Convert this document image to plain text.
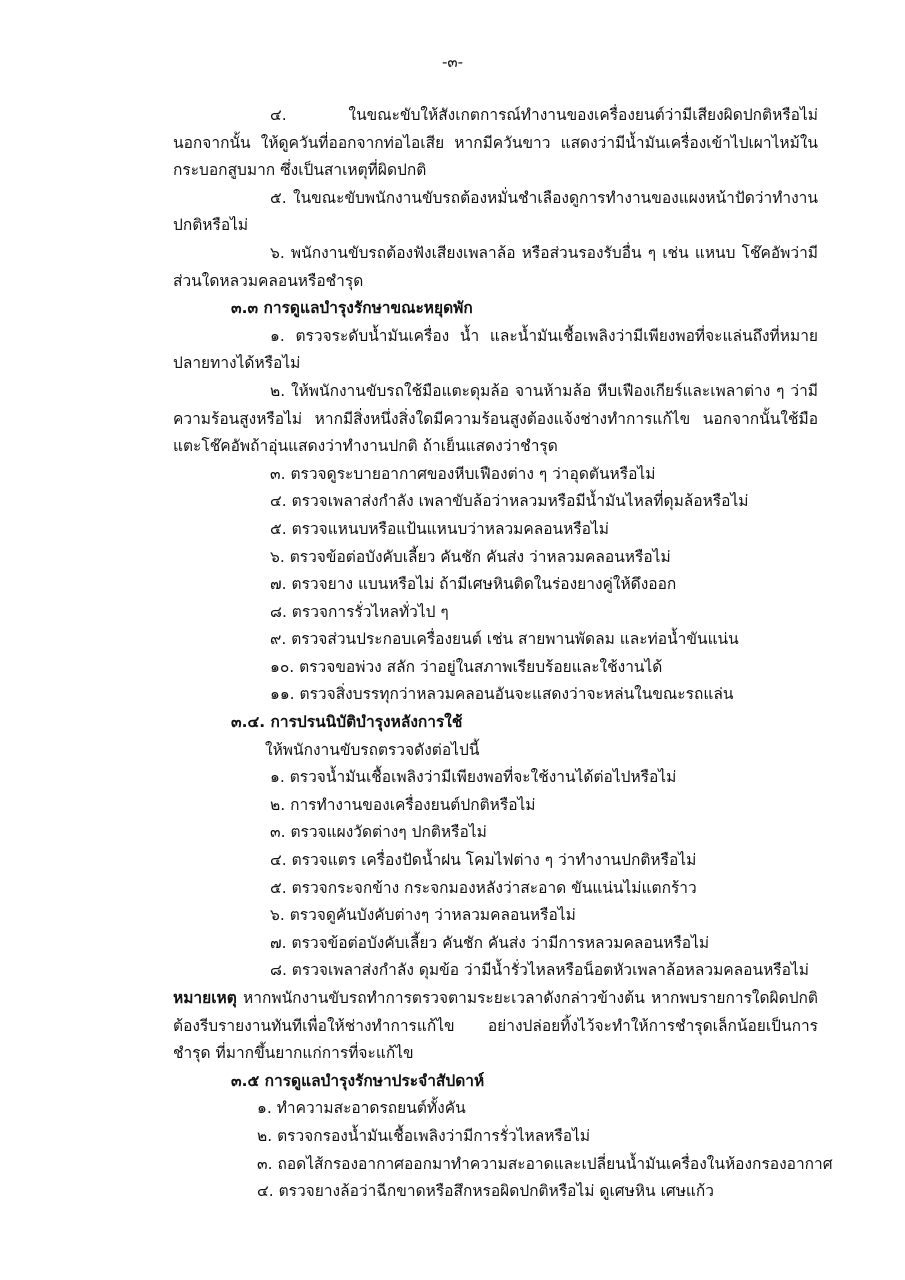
-๓-

๔. ในขณะขับให้สังเกตการณ์ทำงานของเครื่องยนต์ว่ามีเสียงผิดปกติหรือไม่ นอกจากนั้น ให้ดูควันที่ออกจากท่อไอเสีย หากมีควันขาว แสดงว่ามีน้ำมันเครื่องเข้าไปเผาไหม้ใน กระบอกสูบมาก ซึ่งเป็นสาเหตุที่ผิดปกติ

๕. ในขณะขับพนักงานขับรถต้องหมั่นชำเลืองดูการทำงานของแผงหน้าปัดว่าทำงาน ปกติหรือไม่

๖. พนักงานขับรถต้องฟังเสียงเพลาล้อ หรือส่วนรองรับอื่น ๆ เช่น แหนบ โช๊คอัพว่ามี ส่วนใดหลวมคลอนหรือชำรุด

๓.๓ การดูแลบำรุงรักษาขณะหยุดพัก

๑. ตรวจระดับน้ำมันเครื่อง น้ำ และน้ำมันเชื้อเพลิงว่ามีเพียงพอที่จะแล่นถึงที่หมาย ปลายทางได้หรือไม่

๒. ให้พนักงานขับรถใช้มือแตะดุมล้อ จานห้ามล้อ หีบเฟืองเกียร์และเพลาต่าง ๆ ว่ามี ความร้อนสูงหรือไม่ หากมีสิ่งหนึ่งสิ่งใดมีความร้อนสูงต้องแจ้งช่างทำการแก้ไข นอกจากนั้นใช้มือ แตะโช๊คอัพถ้าอุ่นแสดงว่าทำงานปกติ ถ้าเย็นแสดงว่าชำรุด

๓. ตรวจดูระบายอากาศของหีบเฟืองต่าง ๆ ว่าอุดตันหรือไม่

๔. ตรวจเพลาส่งกำลัง เพลาขับล้อว่าหลวมหรือมีน้ำมันไหลที่ดุมล้อหรือไม่

๕. ตรวจแหนบหรือแป้นแหนบว่าหลวมคลอนหรือไม่

๖. ตรวจข้อต่อบังคับเลี้ยว คันชัก คันส่ง ว่าหลวมคลอนหรือไม่

๗. ตรวจยาง แบนหรือไม่ ถ้ามีเศษหินติดในร่องยางคู่ให้ดึงออก

๘. ตรวจการรั่วไหลทั่วไป ๆ

๙. ตรวจส่วนประกอบเครื่องยนต์ เช่น สายพานพัดลม และท่อน้ำขันแน่น

๑๐. ตรวจขอพ่วง สลัก ว่าอยู่ในสภาพเรียบร้อยและใช้งานได้

๑๑. ตรวจสิ่งบรรทุกว่าหลวมคลอนอันจะแสดงว่าจะหล่นในขณะรถแล่น

๓.๔. การปรนนิบัติบำรุงหลังการใช้

ให้พนักงานขับรถตรวจดังต่อไปนี้

๑. ตรวจน้ำมันเชื้อเพลิงว่ามีเพียงพอที่จะใช้งานได้ต่อไปหรือไม่

๒. การทำงานของเครื่องยนต์ปกติหรือไม่

๓. ตรวจแผงวัดต่างๆ ปกติหรือไม่

๔. ตรวจแตร เครื่องปัดน้ำฝน โคมไฟต่าง ๆ ว่าทำงานปกติหรือไม่

๕. ตรวจกระจกข้าง กระจกมองหลังว่าสะอาด ขันแน่นไม่แตกร้าว

๖. ตรวจดูคันบังคับต่างๆ ว่าหลวมคลอนหรือไม่

๗. ตรวจข้อต่อบังคับเลี้ยว คันชัก คันส่ง ว่ามีการหลวมคลอนหรือไม่

๘. ตรวจเพลาส่งกำลัง ดุมข้อ ว่ามีน้ำรั่วไหลหรือน็อตหัวเพลาล้อหลวมคลอนหรือไม่

หมายเหตุ หากพนักงานขับรถทำการตรวจตามระยะเวลาดังกล่าวข้างต้น หากพบรายการใดผิดปกติ ต้องรีบรายงานทันทีเพื่อให้ช่างทำการแก้ไข อย่างปล่อยทิ้งไว้จะทำให้การชำรุดเล็กน้อยเป็นการชำรุด ที่มากขึ้นยากแก่การที่จะแก้ไข

๓.๕ การดูแลบำรุงรักษาประจำสัปดาห์

๑. ทำความสะอาดรถยนต์ทั้งคัน

๒. ตรวจกรองน้ำมันเชื้อเพลิงว่ามีการรั่วไหลหรือไม่

๓. ถอดไส้กรองอากาศออกมาทำความสะอาดและเปลี่ยนน้ำมันเครื่องในห้องกรองอากาศ

๔. ตรวจยางล้อว่าฉีกขาดหรือสึกหรอผิดปกติหรือไม่ ดูเศษหิน เศษแก้ว
